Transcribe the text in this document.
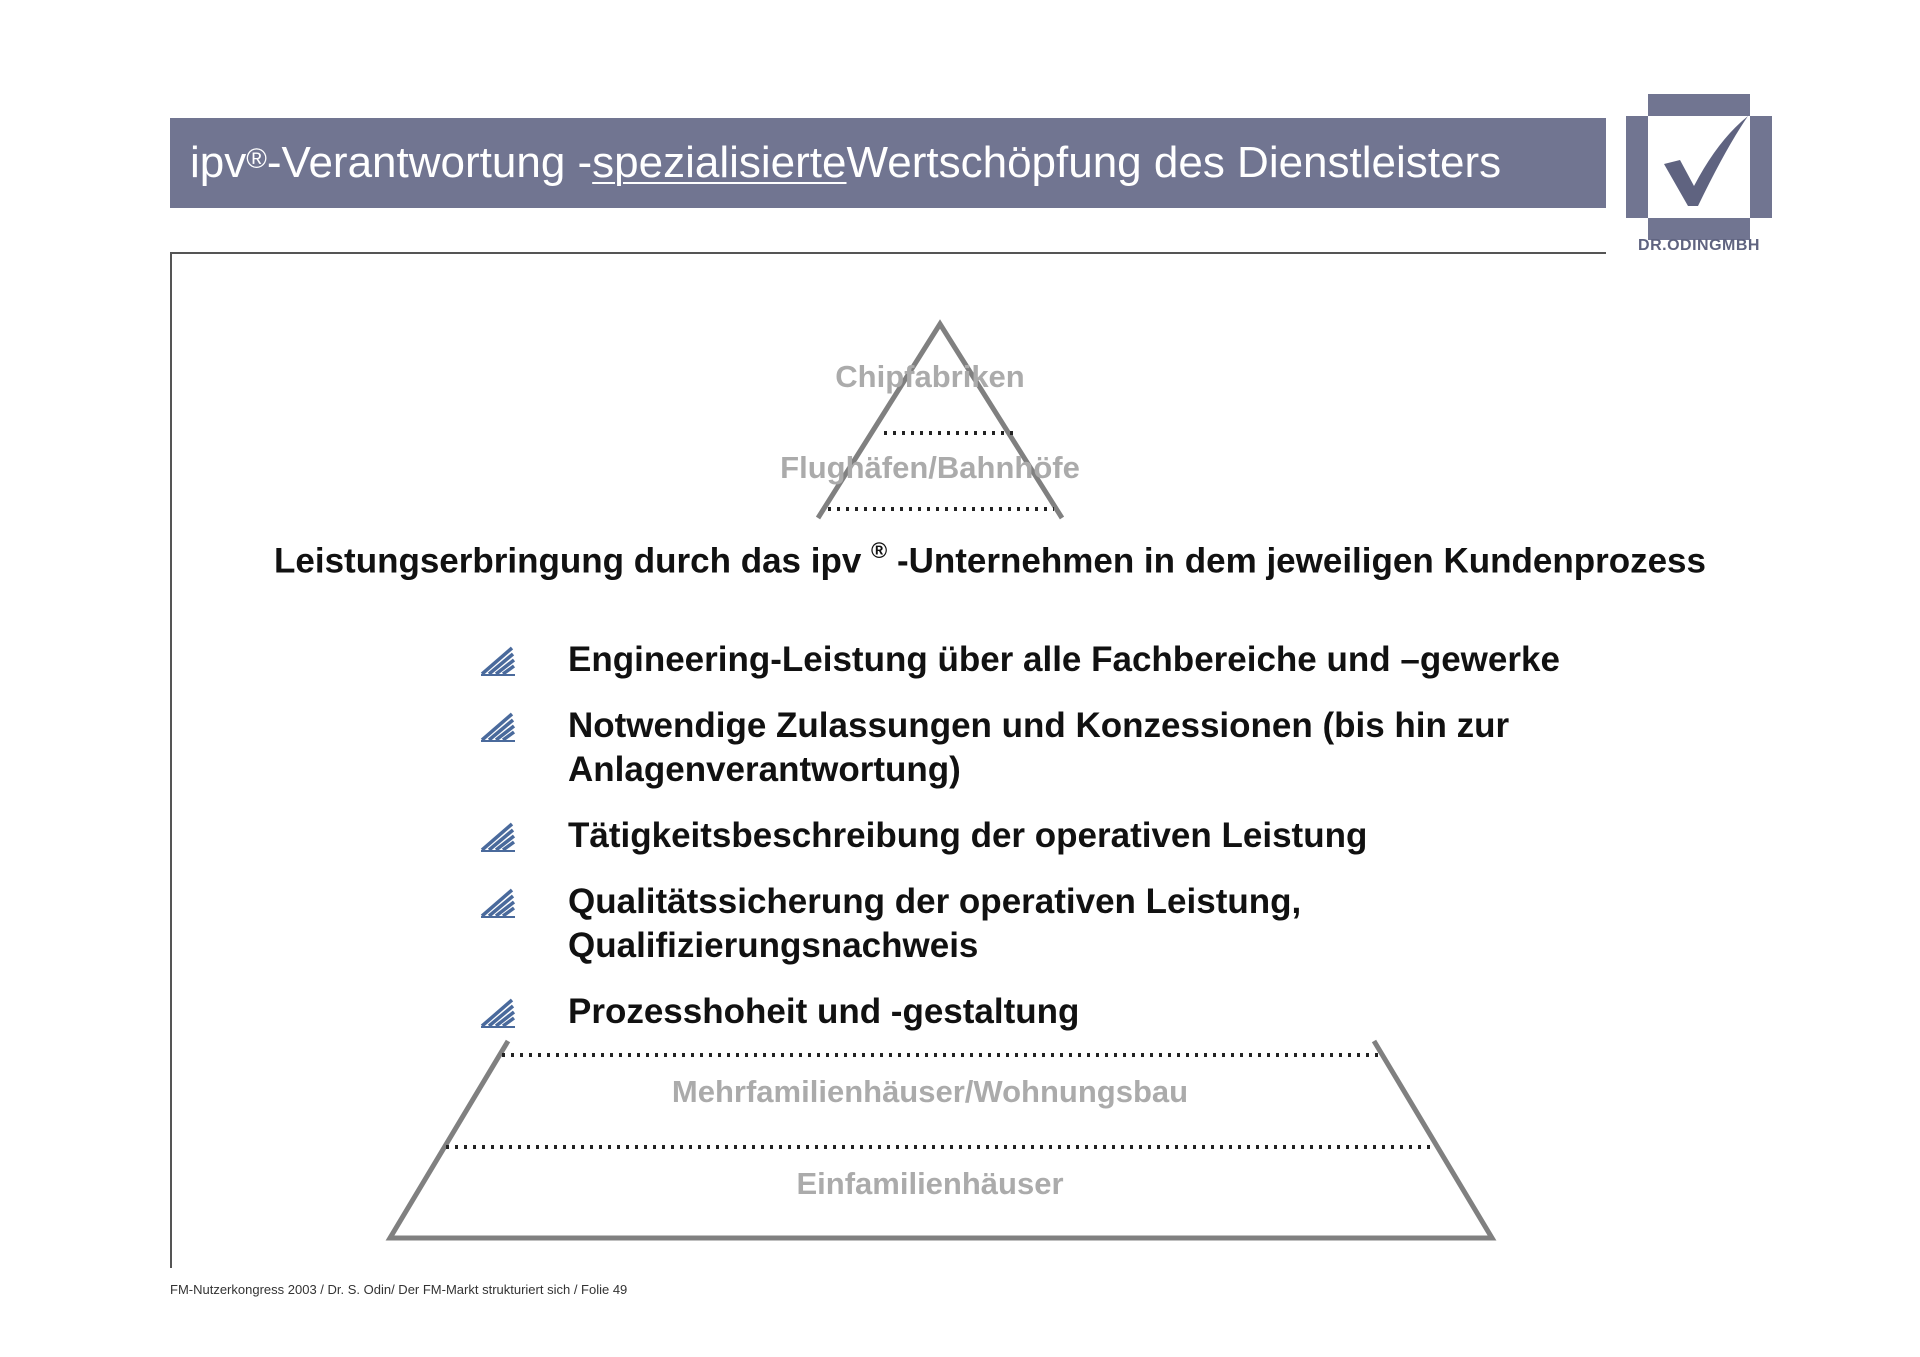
ipv ® -Verantwortung - spezialisierte Wertschöpfung des Dienstleisters
DR.ODINGMBH
Chipfabriken
Flughäfen/Bahnhöfe
Mehrfamilienhäuser/Wohnungsbau
Einfamilienhäuser
Leistungserbringung durch das ipv ® -Unternehmen in dem jeweiligen Kundenprozess
Engineering-Leistung über alle Fachbereiche und –gewerke
Notwendige Zulassungen und Konzessionen (bis hin zur
Anlagenverantwortung)
Tätigkeitsbeschreibung der operativen Leistung
Qualitätssicherung der operativen Leistung,
Qualifizierungsnachweis
Prozesshoheit und -gestaltung
FM-Nutzerkongress 2003 / Dr. S. Odin/ Der FM-Markt strukturiert sich / Folie 49
